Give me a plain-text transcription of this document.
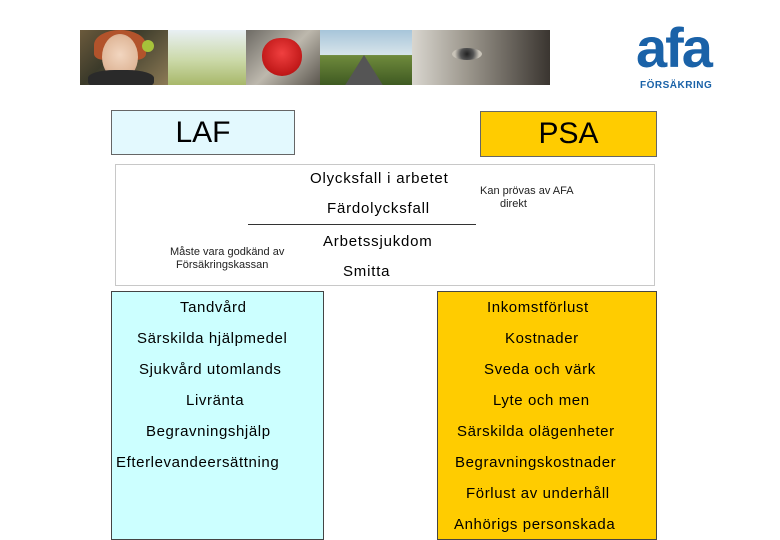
afa
FÖRSÄKRING
LAF	PSA
Olycksfall i arbetet
Färdolycksfall
Arbetssjukdom
Smitta
Måste vara godkänd av
Försäkringskassan
Kan prövas av AFA
direkt
Tandvård
Särskilda hjälpmedel
Sjukvård utomlands
Livränta
Begravningshjälp
Efterlevandeersättning
Inkomstförlust
Kostnader
Sveda och värk
Lyte och men
Särskilda olägenheter
Begravningskostnader
Förlust av underhåll
Anhörigs personskada
